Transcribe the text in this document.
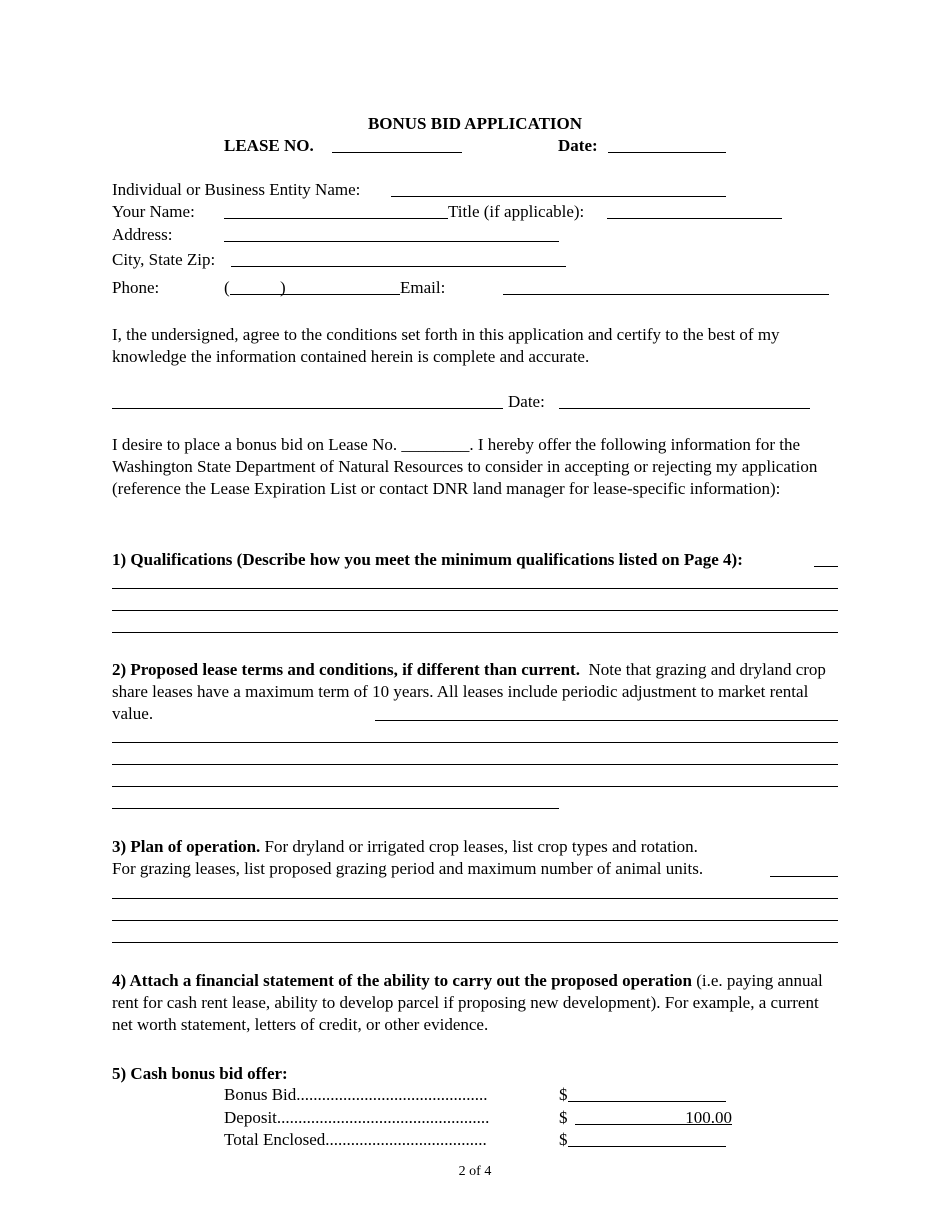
BONUS BID APPLICATION
LEASE NO.	Date:
Individual or Business Entity Name:
Your Name:	Title (if applicable):
Address:
City, State Zip:
Phone:	(	)	Email:
I, the undersigned, agree to the conditions set forth in this application and certify to the best of my knowledge the information contained herein is complete and accurate.
Date:
I desire to place a bonus bid on Lease No. ________. I hereby offer the following information for the Washington State Department of Natural Resources to consider in accepting or rejecting my application (reference the Lease Expiration List or contact DNR land manager for lease-specific information):
1) Qualifications (Describe how you meet the minimum qualifications listed on Page 4):
2) Proposed lease terms and conditions, if different than current. Note that grazing and dryland crop share leases have a maximum term of 10 years. All leases include periodic adjustment to market rental value.
3) Plan of operation. For dryland or irrigated crop leases, list crop types and rotation.
For grazing leases, list proposed grazing period and maximum number of animal units.
4) Attach a financial statement of the ability to carry out the proposed operation (i.e. paying annual rent for cash rent lease, ability to develop parcel if proposing new development). For example, a current net worth statement, letters of credit, or other evidence.
5) Cash bonus bid offer:
Bonus Bid.............................................	$
Deposit..................................................	$	100.00
Total Enclosed......................................	$
2 of 4
